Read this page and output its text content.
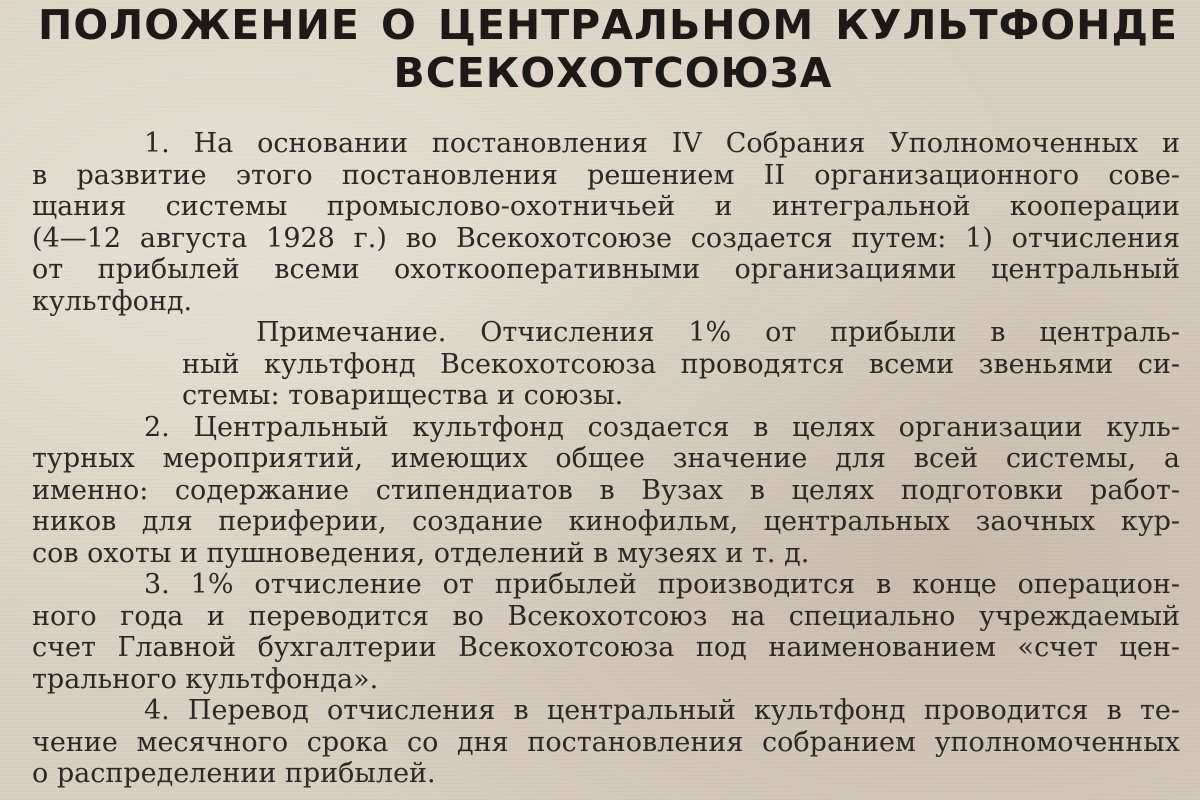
ПОЛОЖЕНИЕ О ЦЕНТРАЛЬНОМ КУЛЬТФОНДЕ
ВСЕКОХОТСОЮЗА

1. На основании постановления IV Собрания Уполномоченных и

в развитие этого постановления решением II организационного сове-

щания системы промыслово-охотничьей и интегральной кооперации

(4—12 августа 1928 г.) во Всекохотсоюзе создается путем: 1) отчисления

от прибылей всеми охоткооперативными организациями центральный

культфонд.

Примечание. Отчисления 1% от прибыли в централь-

ный культфонд Всекохотсоюза проводятся всеми звеньями си-

стемы: товарищества и союзы.

2. Центральный культфонд создается в целях организации куль-

турных мероприятий, имеющих общее значение для всей системы, а

именно: содержание стипендиатов в Вузах в целях подготовки работ-

ников для периферии, создание кинофильм, центральных заочных кур-

сов охоты и пушноведения, отделений в музеях и т. д.

3. 1% отчисление от прибылей производится в конце операцион-

ного года и переводится во Всекохотсоюз на специально учреждаемый

счет Главной бухгалтерии Всекохотсоюза под наименованием «счет цен-

трального культфонда».

4. Перевод отчисления в центральный культфонд проводится в те-

чение месячного срока со дня постановления собранием уполномоченных

о распределении прибылей.
